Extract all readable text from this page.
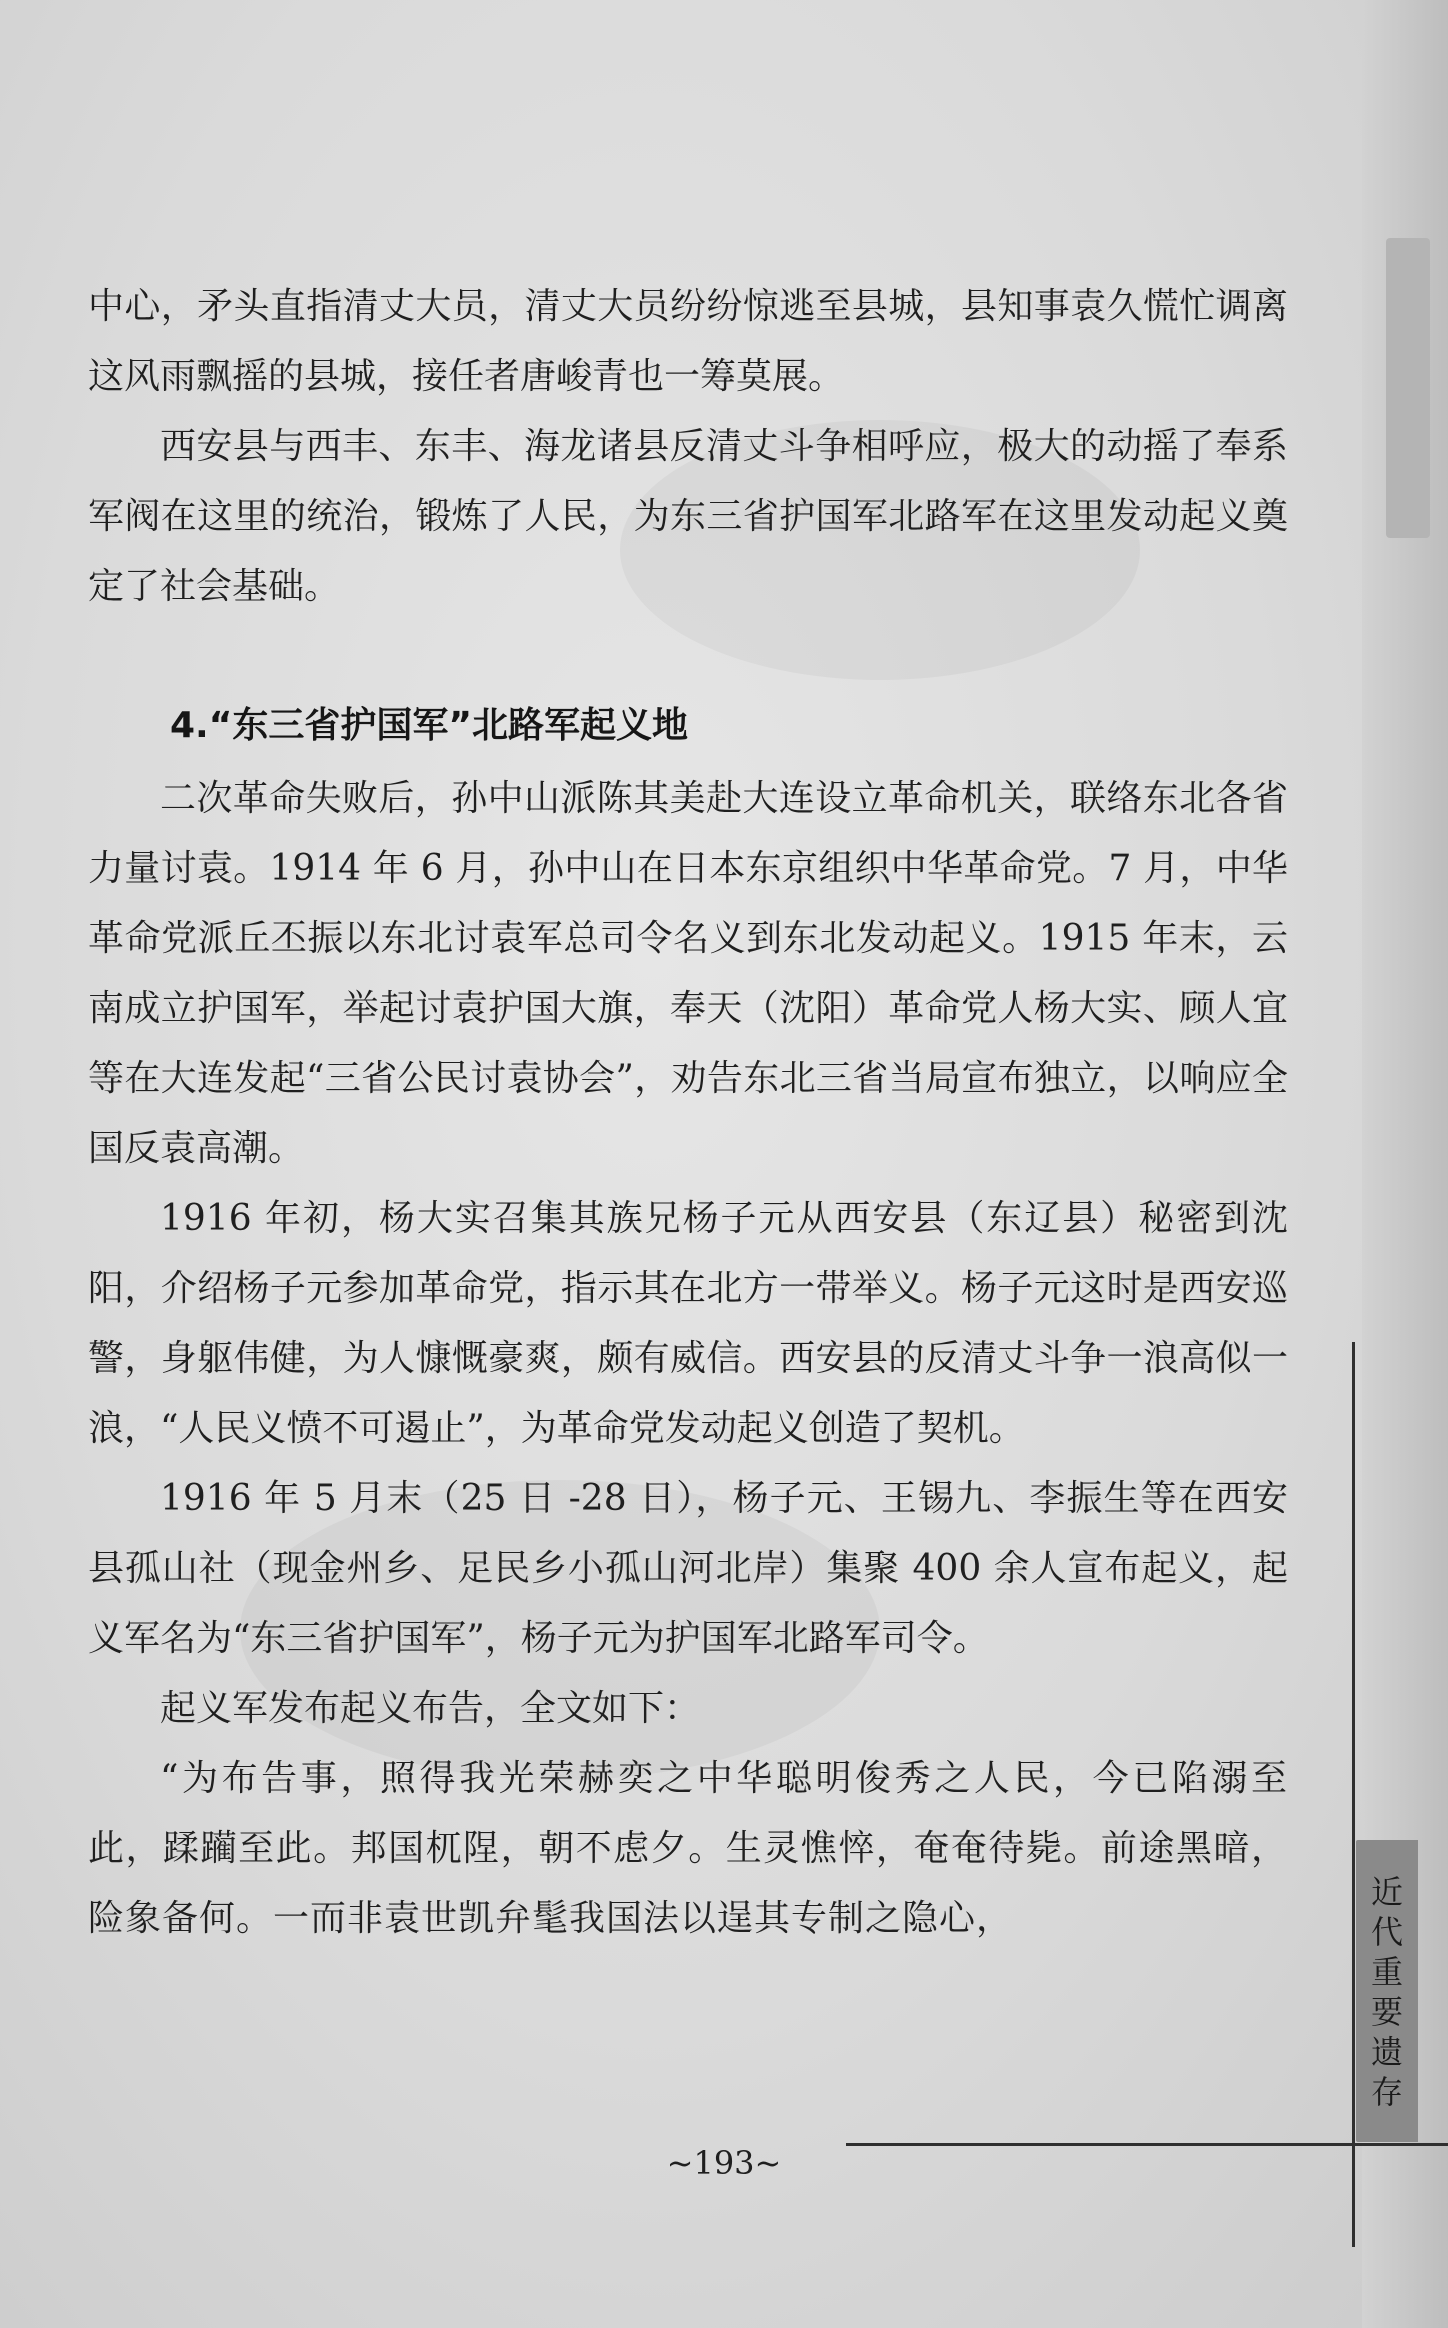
中心，矛头直指清丈大员，清丈大员纷纷惊逃至县城，县知事袁久慌忙调离这风雨飘摇的县城，接任者唐峻青也一筹莫展。

西安县与西丰、东丰、海龙诸县反清丈斗争相呼应，极大的动摇了奉系军阀在这里的统治，锻炼了人民，为东三省护国军北路军在这里发动起义奠定了社会基础。

4.“东三省护国军”北路军起义地

二次革命失败后，孙中山派陈其美赴大连设立革命机关，联络东北各省力量讨袁。1914 年 6 月，孙中山在日本东京组织中华革命党。7 月，中华革命党派丘丕振以东北讨袁军总司令名义到东北发动起义。1915 年末，云南成立护国军，举起讨袁护国大旗，奉天（沈阳）革命党人杨大实、顾人宜等在大连发起“三省公民讨袁协会”，劝告东北三省当局宣布独立，以响应全国反袁高潮。

1916 年初，杨大实召集其族兄杨子元从西安县（东辽县）秘密到沈阳，介绍杨子元参加革命党，指示其在北方一带举义。杨子元这时是西安巡警，身躯伟健，为人慷慨豪爽，颇有威信。西安县的反清丈斗争一浪高似一浪，“人民义愤不可遏止”，为革命党发动起义创造了契机。

1916 年 5 月末（25 日 -28 日），杨子元、王锡九、李振生等在西安县孤山社（现金州乡、足民乡小孤山河北岸）集聚 400 余人宣布起义，起义军名为“东三省护国军”，杨子元为护国军北路军司令。

起义军发布起义布告，全文如下：

“为布告事，照得我光荣赫奕之中华聪明俊秀之人民，今已陷溺至此，蹂躏至此。邦国杌陧，朝不虑夕。生灵憔悴，奄奄待毙。前途黑暗，险象备何。一而非袁世凯弁髦我国法以逞其专制之隐心，

近
代
重
要
遗
存
~193~
